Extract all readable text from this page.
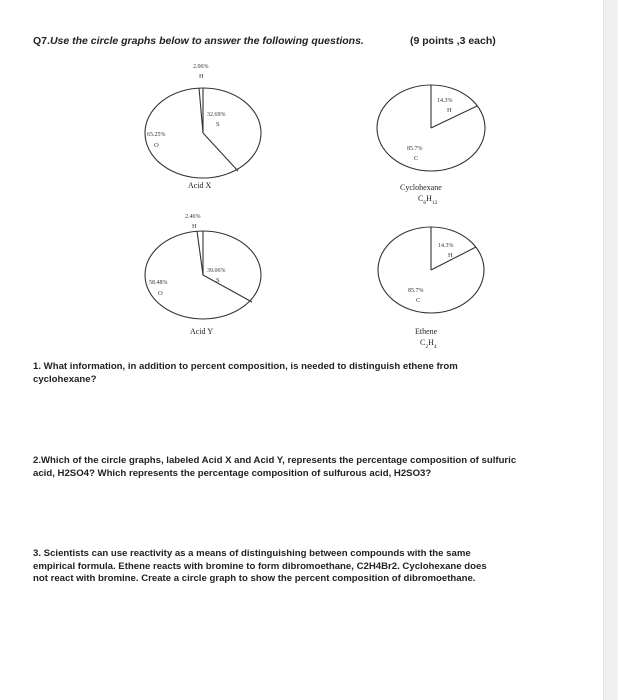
Q7.Use the circle graphs below to answer the following questions.	(9 points ,3 each)
2.06%
H
32.69%
S
65.25%
O
Acid X
14.3%
H
85.7%
C
Cyclohexane
$C_6H_{12}$
2.46%
H
39.06%
S
58.48%
O
Acid Y
14.3%
H
85.7%
C
Ethene
$C_2H_4$
1. What information, in addition to percent composition, is needed to distinguish ethene from cyclohexane?
2.Which of the circle graphs, labeled Acid X and Acid Y, represents the percentage composition of sulfuric acid, H2SO4? Which represents the percentage composition of sulfurous acid, H2SO3?
3. Scientists can use reactivity as a means of distinguishing between compounds with the same empirical formula. Ethene reacts with bromine to form dibromoethane, C2H4Br2. Cyclohexane does not react with bromine. Create a circle graph to show the percent composition of dibromoethane.
